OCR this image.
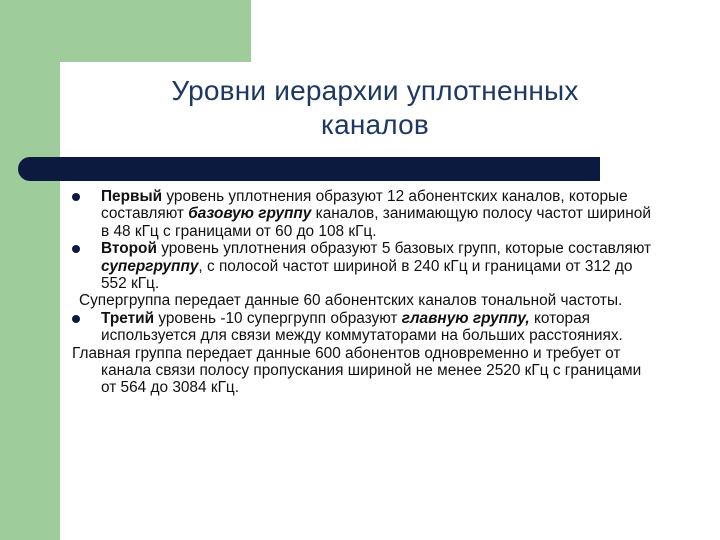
Уровни иерархии уплотненных
каналов

Первый уровень уплотнения образуют 12 абонентских каналов, которые составляют базовую группу каналов, занимающую полосу частот шириной в 48 кГц с границами от 60 до 108 кГц.

Второй уровень уплотнения образуют 5 базовых групп, которые составляют супергруппу, с полосой частот шириной в 240 кГц и границами от 312 до 552 кГц.

Супергруппа передает данные 60 абонентских каналов тональной частоты.

Третий уровень -10 супергрупп образуют главную группу, которая используется для связи между коммутаторами на больших расстояниях.

Главная группа передает данные 600 абонентов одновременно и требует от канала связи полосу пропускания шириной не менее 2520 кГц с границами от 564 до 3084 кГц.
